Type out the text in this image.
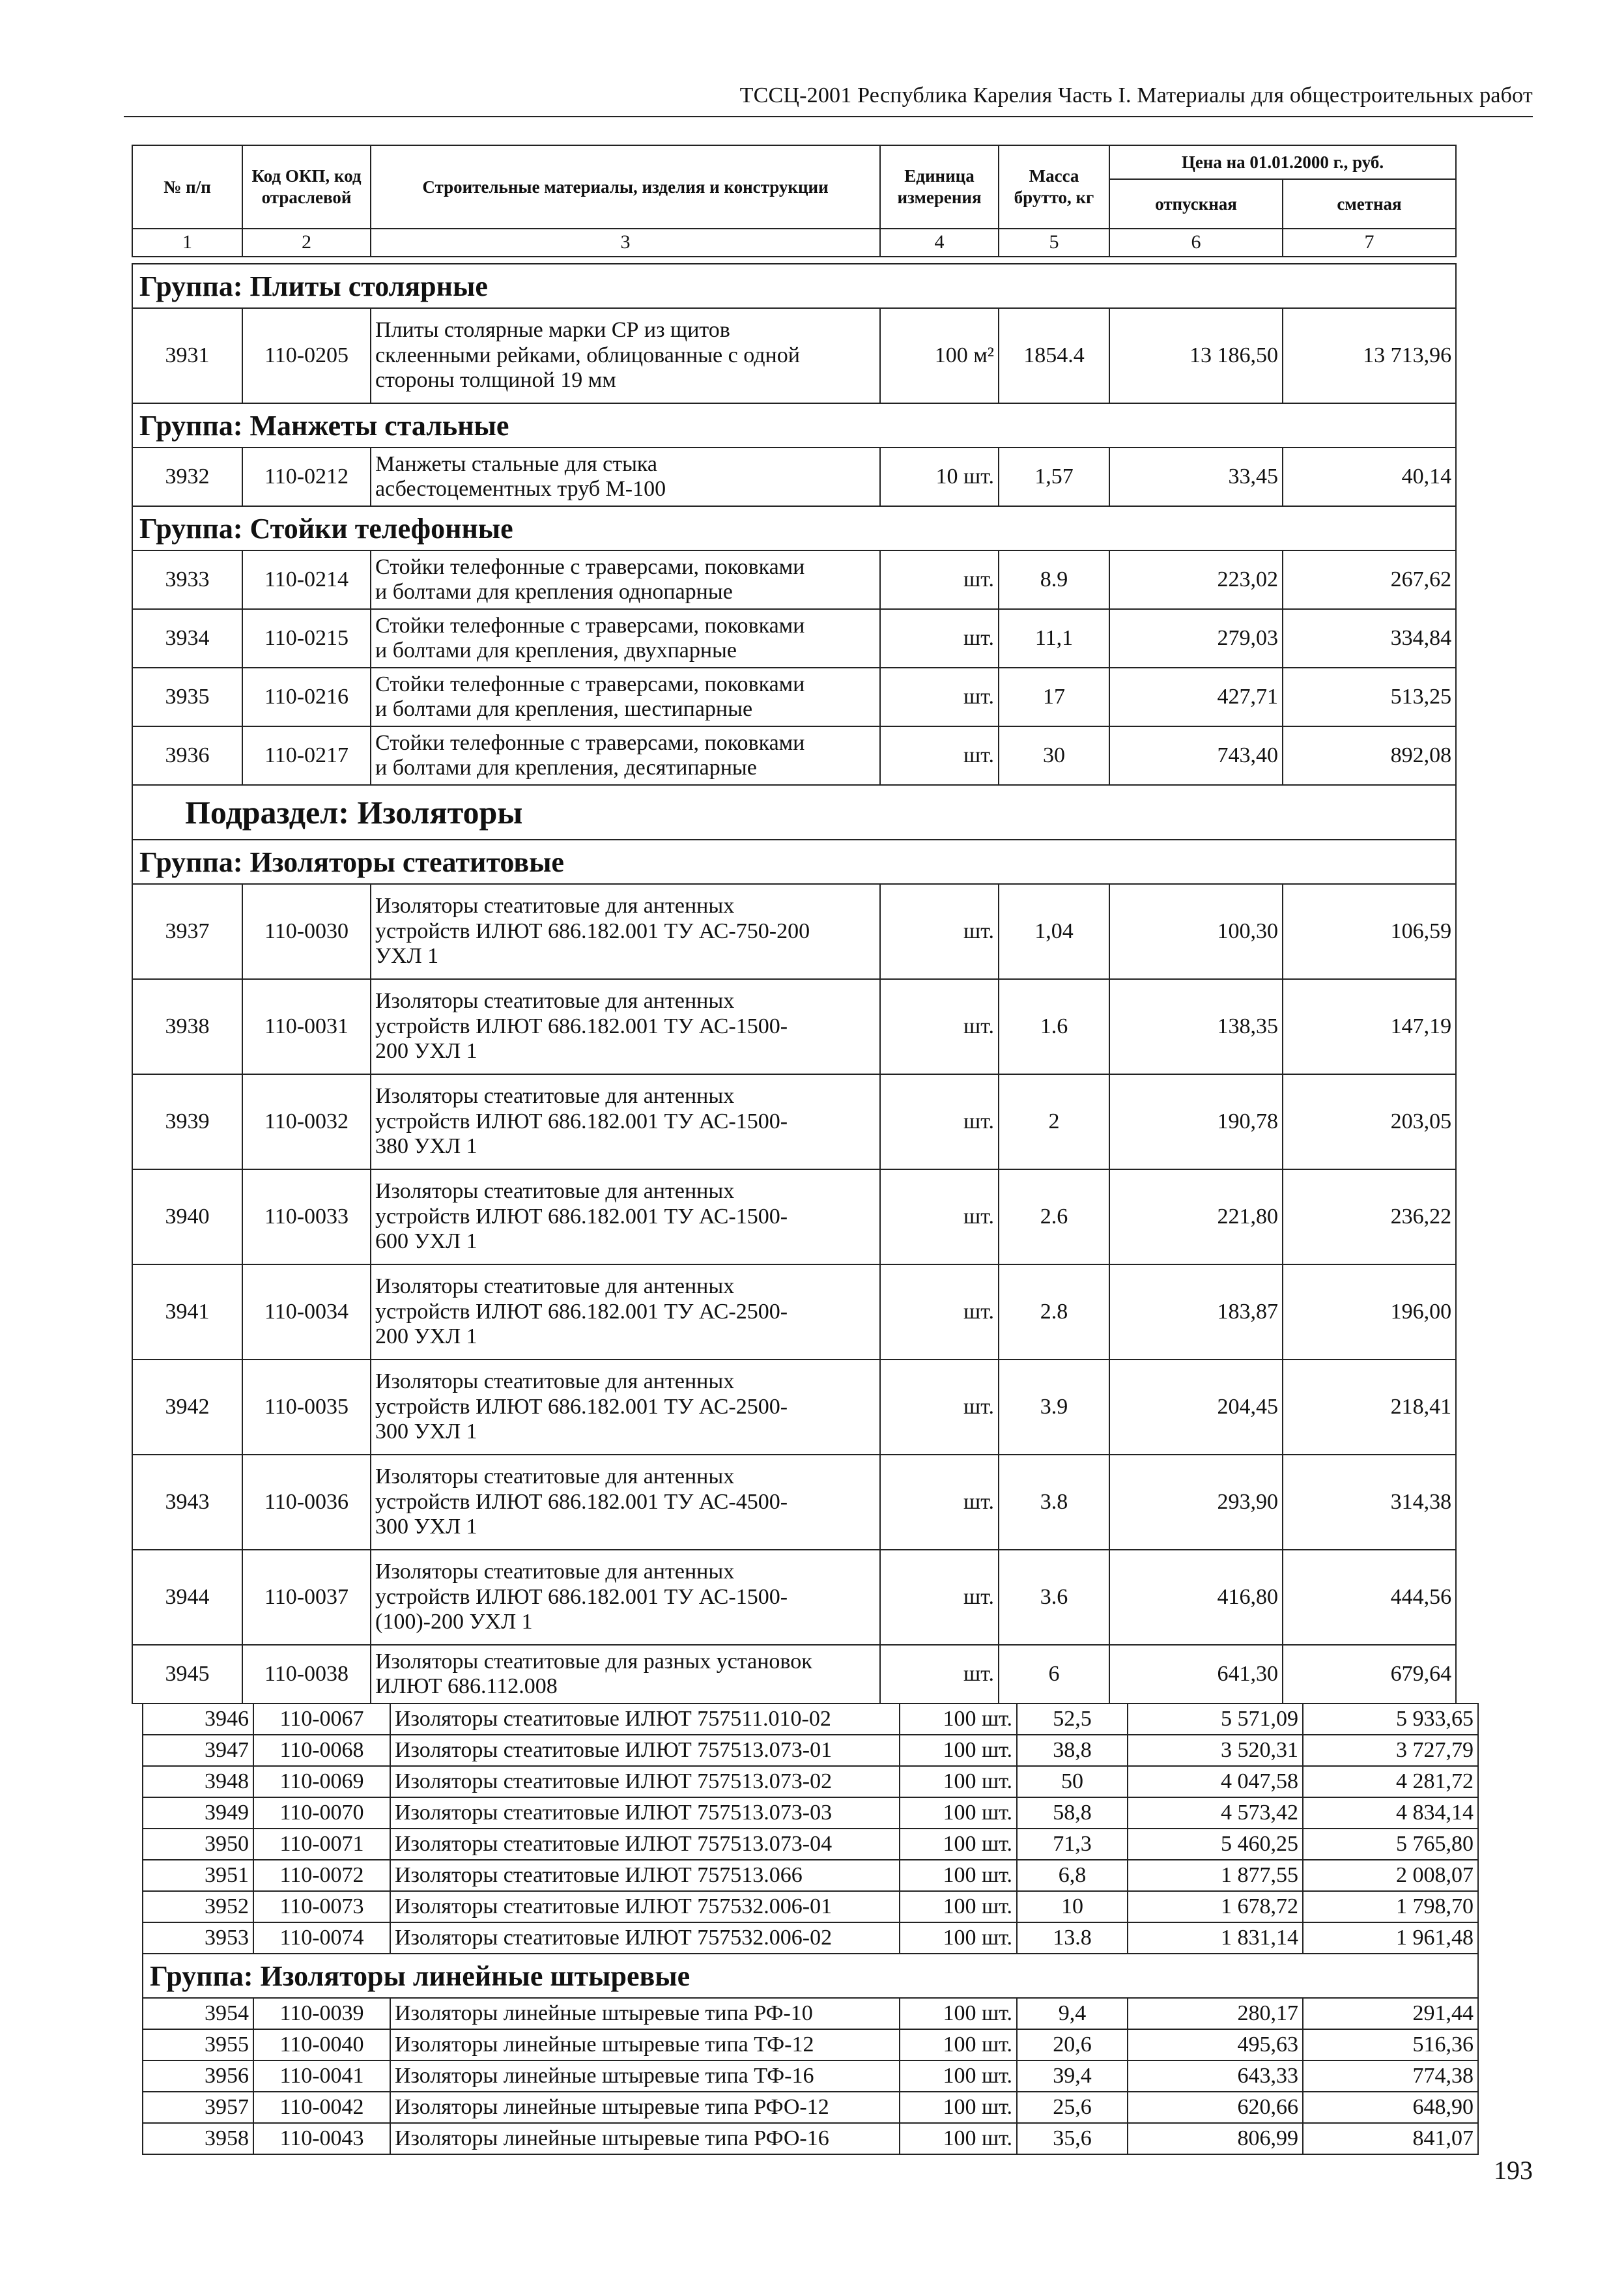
ТССЦ-2001 Республика Карелия Часть I. Материалы для общестроительных работ
№ п/п	Код ОКП, код отраслевой	Строительные материалы, изделия и конструкции	Единица измерения	Масса брутто, кг	Цена на 01.01.2000 г., руб.	
					отпускная	сметная
1	2	3	4	5	6	7
Группа: Плиты столярные						
3931	110-0205	Плиты столярные марки СР из щитов
склеенными рейками, облицованные с одной
стороны толщиной 19 мм	100 м²	1854.4	13 186,50	13 713,96
Группа: Манжеты стальные						
3932	110-0212	Манжеты стальные для стыка
асбестоцементных труб М-100	10 шт.	1,57	33,45	40,14
Группа: Стойки телефонные						
3933	110-0214	Стойки телефонные с траверсами, поковками
и болтами для крепления однопарные	шт.	8.9	223,02	267,62
3934	110-0215	Стойки телефонные с траверсами, поковками
и болтами для крепления, двухпарные	шт.	11,1	279,03	334,84
3935	110-0216	Стойки телефонные с траверсами, поковками
и болтами для крепления, шестипарные	шт.	17	427,71	513,25
3936	110-0217	Стойки телефонные с траверсами, поковками
и болтами для крепления, десятипарные	шт.	30	743,40	892,08
Подраздел: Изоляторы						
Группа: Изоляторы стеатитовые						
3937	110-0030	Изоляторы стеатитовые для антенных
устройств ИЛЮТ 686.182.001 ТУ АС-750-200
УХЛ 1	шт.	1,04	100,30	106,59
3938	110-0031	Изоляторы стеатитовые для антенных
устройств ИЛЮТ 686.182.001 ТУ АС-1500-
200 УХЛ 1	шт.	1.6	138,35	147,19
3939	110-0032	Изоляторы стеатитовые для антенных
устройств ИЛЮТ 686.182.001 ТУ АС-1500-
380 УХЛ 1	шт.	2	190,78	203,05
3940	110-0033	Изоляторы стеатитовые для антенных
устройств ИЛЮТ 686.182.001 ТУ АС-1500-
600 УХЛ 1	шт.	2.6	221,80	236,22
3941	110-0034	Изоляторы стеатитовые для антенных
устройств ИЛЮТ 686.182.001 ТУ АС-2500-
200 УХЛ 1	шт.	2.8	183,87	196,00
3942	110-0035	Изоляторы стеатитовые для антенных
устройств ИЛЮТ 686.182.001 ТУ АС-2500-
300 УХЛ 1	шт.	3.9	204,45	218,41
3943	110-0036	Изоляторы стеатитовые для антенных
устройств ИЛЮТ 686.182.001 ТУ АС-4500-
300 УХЛ 1	шт.	3.8	293,90	314,38
3944	110-0037	Изоляторы стеатитовые для антенных
устройств ИЛЮТ 686.182.001 ТУ АС-1500-
(100)-200 УХЛ 1	шт.	3.6	416,80	444,56
3945	110-0038	Изоляторы стеатитовые для разных установок
ИЛЮТ 686.112.008	шт.	6	641,30	679,64
3946	110-0067	Изоляторы стеатитовые ИЛЮТ 757511.010-02	100 шт.	52,5	5 571,09	5 933,65
3947	110-0068	Изоляторы стеатитовые ИЛЮТ 757513.073-01	100 шт.	38,8	3 520,31	3 727,79
3948	110-0069	Изоляторы стеатитовые ИЛЮТ 757513.073-02	100 шт.	50	4 047,58	4 281,72
3949	110-0070	Изоляторы стеатитовые ИЛЮТ 757513.073-03	100 шт.	58,8	4 573,42	4 834,14
3950	110-0071	Изоляторы стеатитовые ИЛЮТ 757513.073-04	100 шт.	71,3	5 460,25	5 765,80
3951	110-0072	Изоляторы стеатитовые ИЛЮТ 757513.066	100 шт.	6,8	1 877,55	2 008,07
3952	110-0073	Изоляторы стеатитовые ИЛЮТ 757532.006-01	100 шт.	10	1 678,72	1 798,70
3953	110-0074	Изоляторы стеатитовые ИЛЮТ 757532.006-02	100 шт.	13.8	1 831,14	1 961,48
Группа: Изоляторы линейные штыревые						
3954	110-0039	Изоляторы линейные штыревые типа РФ-10	100 шт.	9,4	280,17	291,44
3955	110-0040	Изоляторы линейные штыревые типа ТФ-12	100 шт.	20,6	495,63	516,36
3956	110-0041	Изоляторы линейные штыревые типа ТФ-16	100 шт.	39,4	643,33	774,38
3957	110-0042	Изоляторы линейные штыревые типа РФО-12	100 шт.	25,6	620,66	648,90
3958	110-0043	Изоляторы линейные штыревые типа РФО-16	100 шт.	35,6	806,99	841,07
193
